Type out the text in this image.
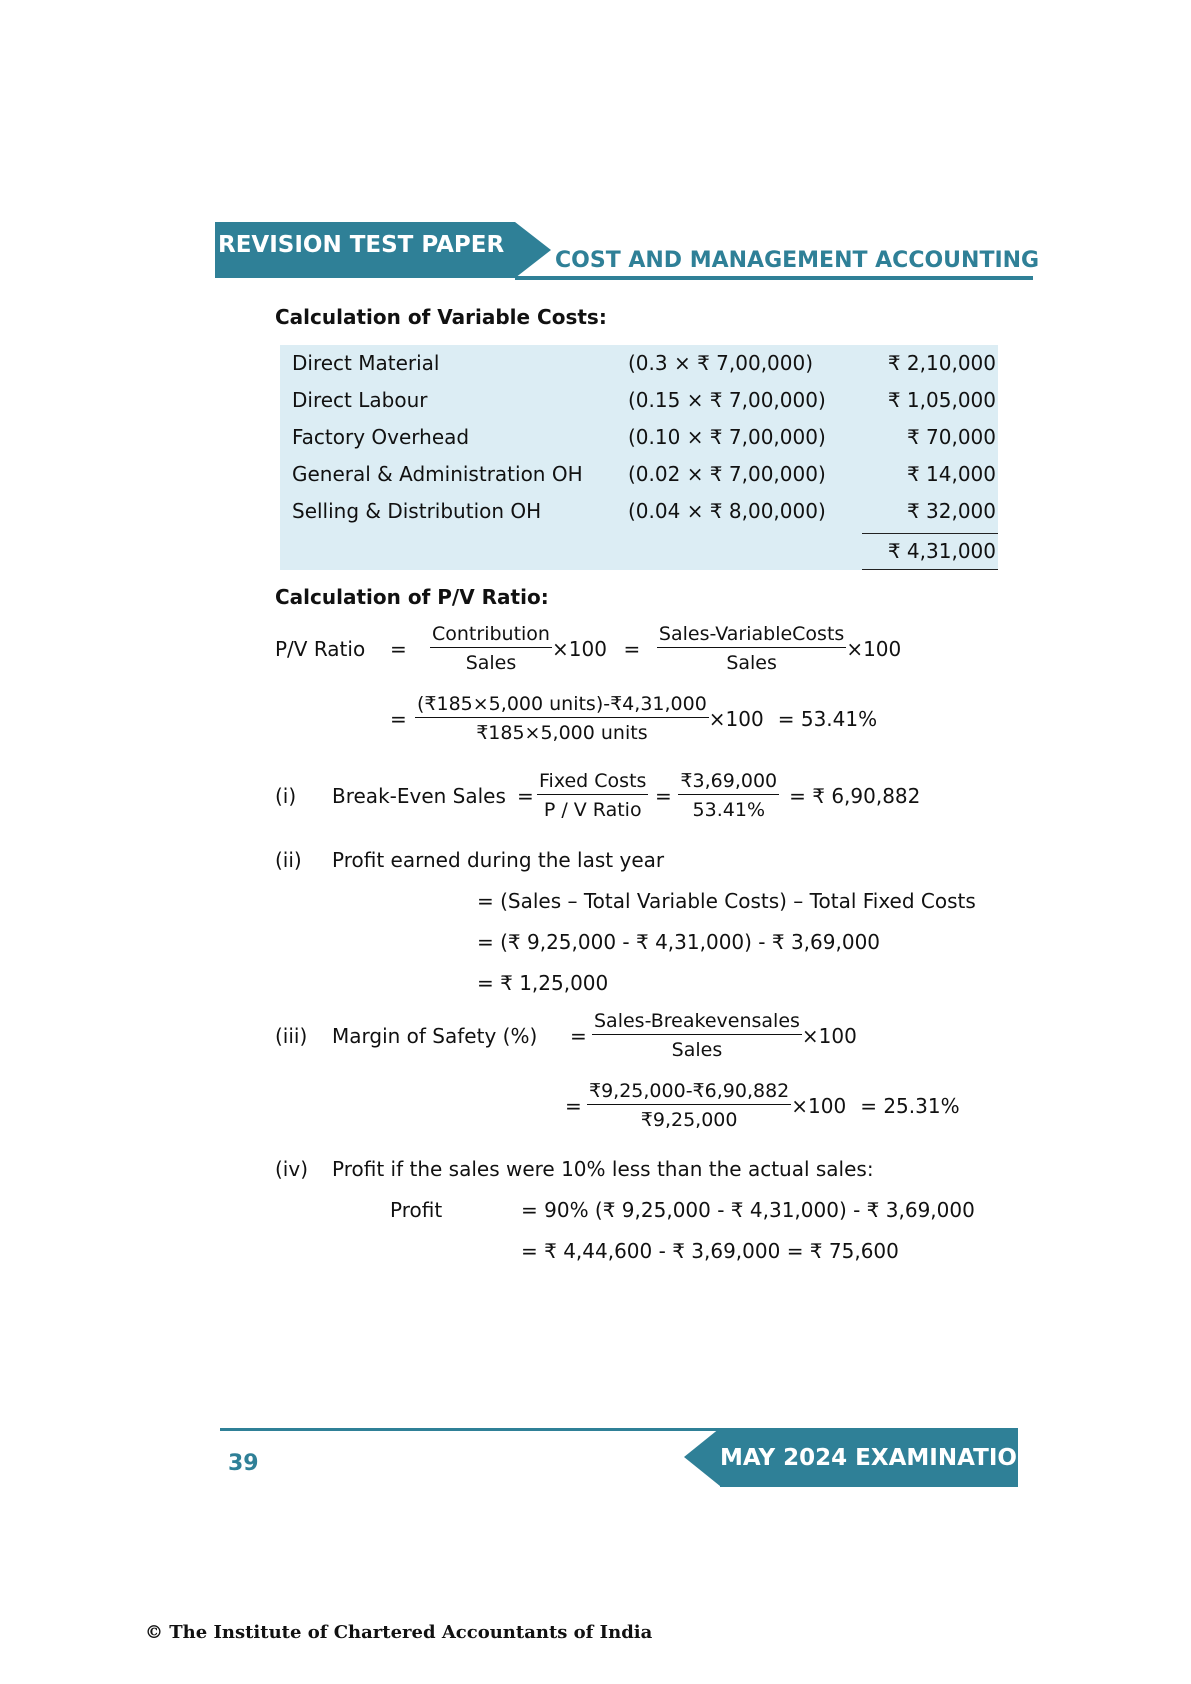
REVISION TEST PAPER
COST AND MANAGEMENT ACCOUNTING
Calculation of Variable Costs:
Direct Material	(0.3 × ₹ 7,00,000)	₹ 2,10,000
Direct Labour	(0.15 × ₹ 7,00,000)	₹ 1,05,000
Factory Overhead	(0.10 × ₹ 7,00,000)	₹ 70,000
General & Administration OH (0.02 × ₹ 7,00,000)	₹ 14,000
Selling & Distribution OH	(0.04 × ₹ 8,00,000)	₹ 32,000
₹ 4,31,000
Calculation of P/V Ratio:
P/V Ratio	=	$\frac{\text{Contribution}}{\text{Sales}} \times 100 = \frac{\text{Sales-VariableCosts}}{\text{Sales}} \times 100$
= $\frac{\text{(₹185×5,000 units)-₹4,31,000}}{\text{₹185×5,000 units}} \times 100 = 53.41\%$
(i)	Break-Even Sales = $\frac{\text{Fixed Costs}}{\text{P / V Ratio}} = \frac{₹3,69,000}{53.41\%}$ = ₹ 6,90,882
(ii) Profit earned during the last year
= (Sales – Total Variable Costs) – Total Fixed Costs
= (₹ 9,25,000 - ₹ 4,31,000) - ₹ 3,69,000
= ₹ 1,25,000
(iii)	Margin of Safety (%)	= $\frac{\text{Sales-Breakevensales}}{\text{Sales}} \times 100$
= $\frac{₹9,25,000-₹6,90,882}{₹9,25,000} \times 100 = 25.31\%$
(iv) Profit if the sales were 10% less than the actual sales:
Profit	= 90% (₹ 9,25,000 - ₹ 4,31,000) - ₹ 3,69,000
= ₹ 4,44,600 - ₹ 3,69,000 = ₹ 75,600
39	MAY 2024 EXAMINATION
© The Institute of Chartered Accountants of India
